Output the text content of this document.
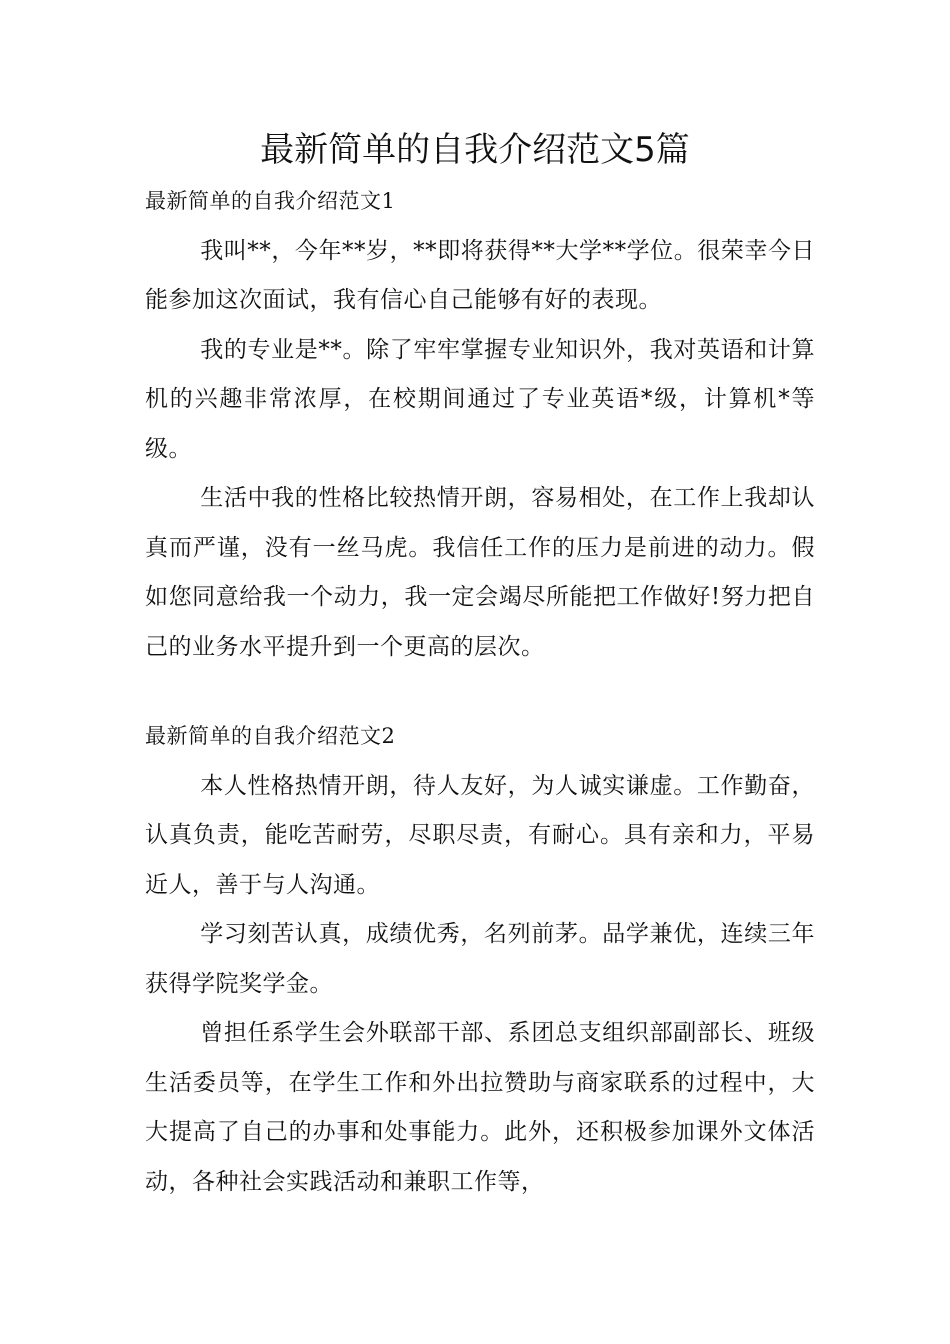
最新简单的自我介绍范文5篇

最新简单的自我介绍范文1

我叫**，今年**岁，**即将获得**大学**学位。很荣幸今日能参加这次面试，我有信心自己能够有好的表现。

我的专业是**。除了牢牢掌握专业知识外，我对英语和计算机的兴趣非常浓厚，在校期间通过了专业英语*级，计算机*等级。

生活中我的性格比较热情开朗，容易相处，在工作上我却认真而严谨，没有一丝马虎。我信任工作的压力是前进的动力。假如您同意给我一个动力，我一定会竭尽所能把工作做好!努力把自己的业务水平提升到一个更高的层次。

最新简单的自我介绍范文2

本人性格热情开朗，待人友好，为人诚实谦虚。工作勤奋，认真负责，能吃苦耐劳，尽职尽责，有耐心。具有亲和力，平易近人，善于与人沟通。

学习刻苦认真，成绩优秀，名列前茅。品学兼优，连续三年获得学院奖学金。

曾担任系学生会外联部干部、系团总支组织部副部长、班级生活委员等，在学生工作和外出拉赞助与商家联系的过程中，大大提高了自己的办事和处事能力。此外，还积极参加课外文体活动，各种社会实践活动和兼职工作等，
